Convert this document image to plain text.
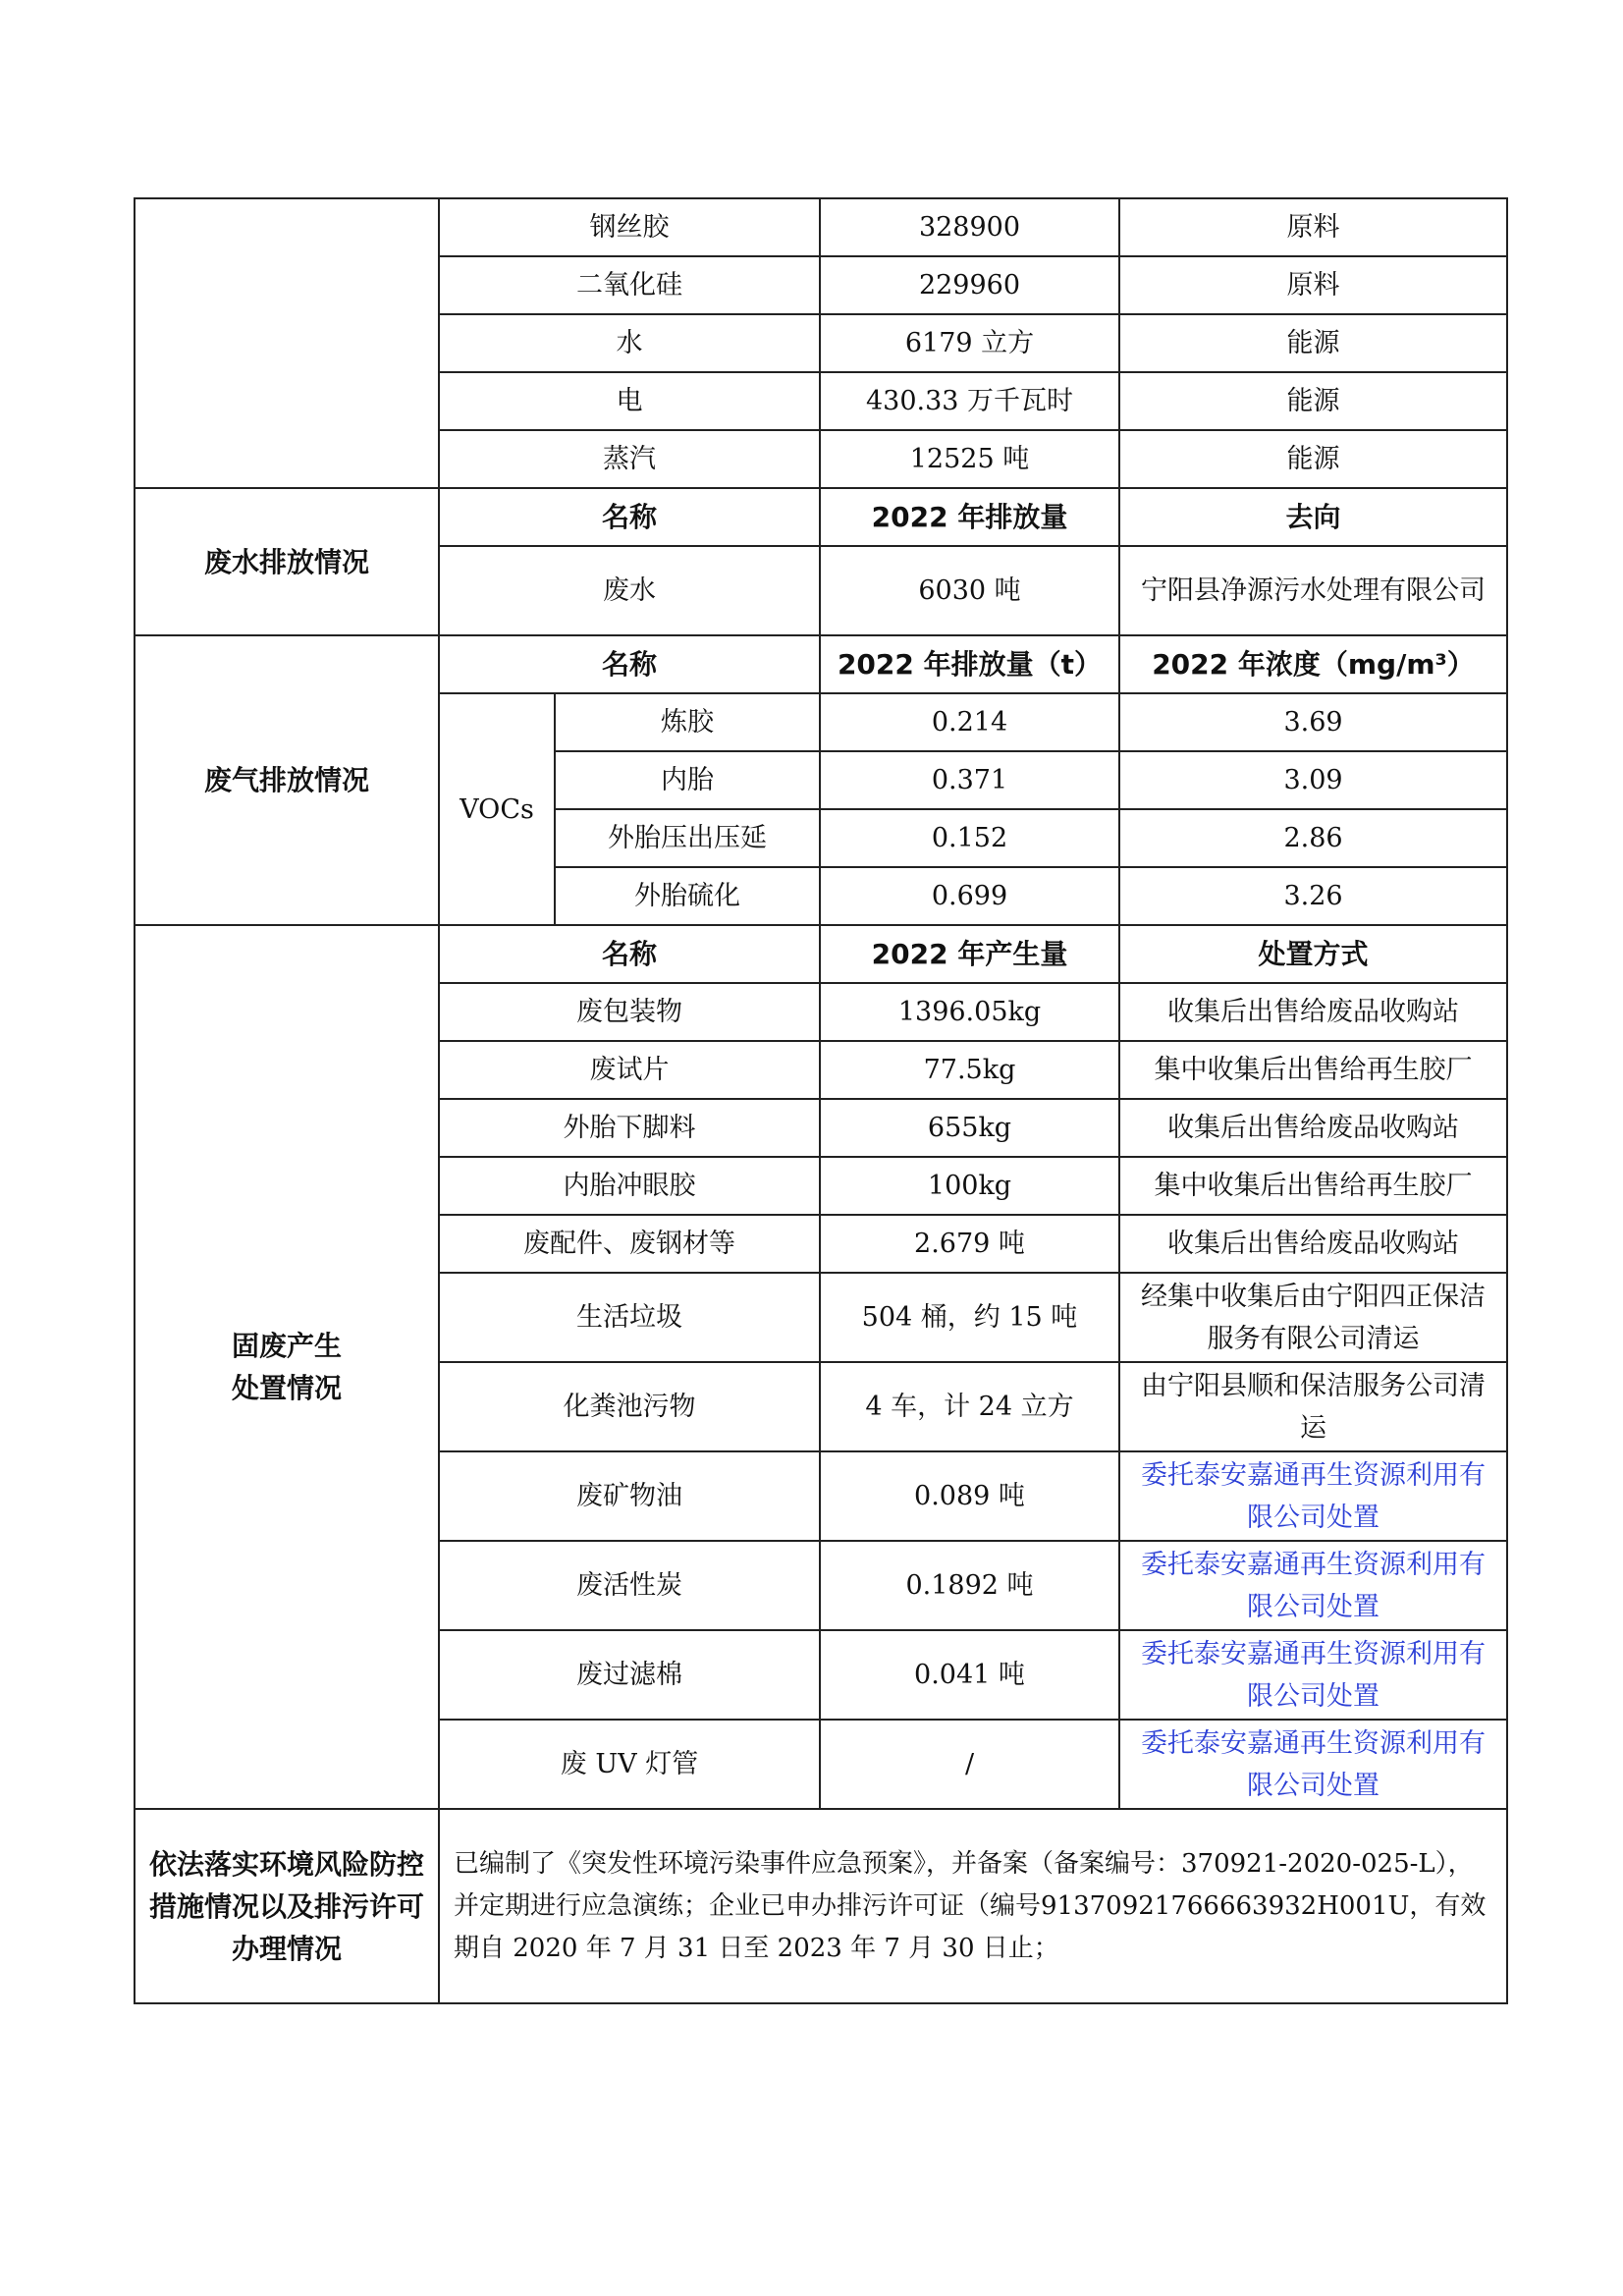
	钢丝胶		328900	原料
	二氧化硅		229960	原料
	水		6179 立方	能源
	电		430.33 万千瓦时	能源
	蒸汽		12525 吨	能源
废水排放情况	名称		2022 年排放量	去向
	废水		6030 吨	宁阳县净源污水处理有限公司
废气排放情况	名称		2022 年排放量（t）	2022 年浓度（mg/m³）
	VOCs	炼胶	0.214	3.69
		内胎	0.371	3.09
		外胎压出压延	0.152	2.86
		外胎硫化	0.699	3.26

固废产生
处置情况	名称		2022 年产生量	处置方式
	废包装物		1396.05kg	收集后出售给废品收购站
	废试片		77.5kg	集中收集后出售给再生胶厂
	外胎下脚料		655kg	收集后出售给废品收购站
	内胎冲眼胶		100kg	集中收集后出售给再生胶厂
	废配件、废钢材等		2.679 吨	收集后出售给废品收购站
	生活垃圾		504 桶，约 15 吨	经集中收集后由宁阳四正保洁服务有限公司清运
	化粪池污物		4 车，计 24 立方	由宁阳县顺和保洁服务公司清运
	废矿物油		0.089 吨	委托泰安嘉通再生资源利用有限公司处置
	废活性炭		0.1892 吨	委托泰安嘉通再生资源利用有限公司处置
	废过滤棉		0.041 吨	委托泰安嘉通再生资源利用有限公司处置
	废 UV 灯管		/	委托泰安嘉通再生资源利用有限公司处置
依法落实环境风险防控措施情况以及排污许可办理情况	已编制了《突发性环境污染事件应急预案》，并备案（备案编号：370921-2020-025-L），并定期进行应急演练；企业已申办排污许可证（编号91370921766663932H001U，有效期自 2020 年 7 月 31 日至 2023 年 7 月 30 日止；			
